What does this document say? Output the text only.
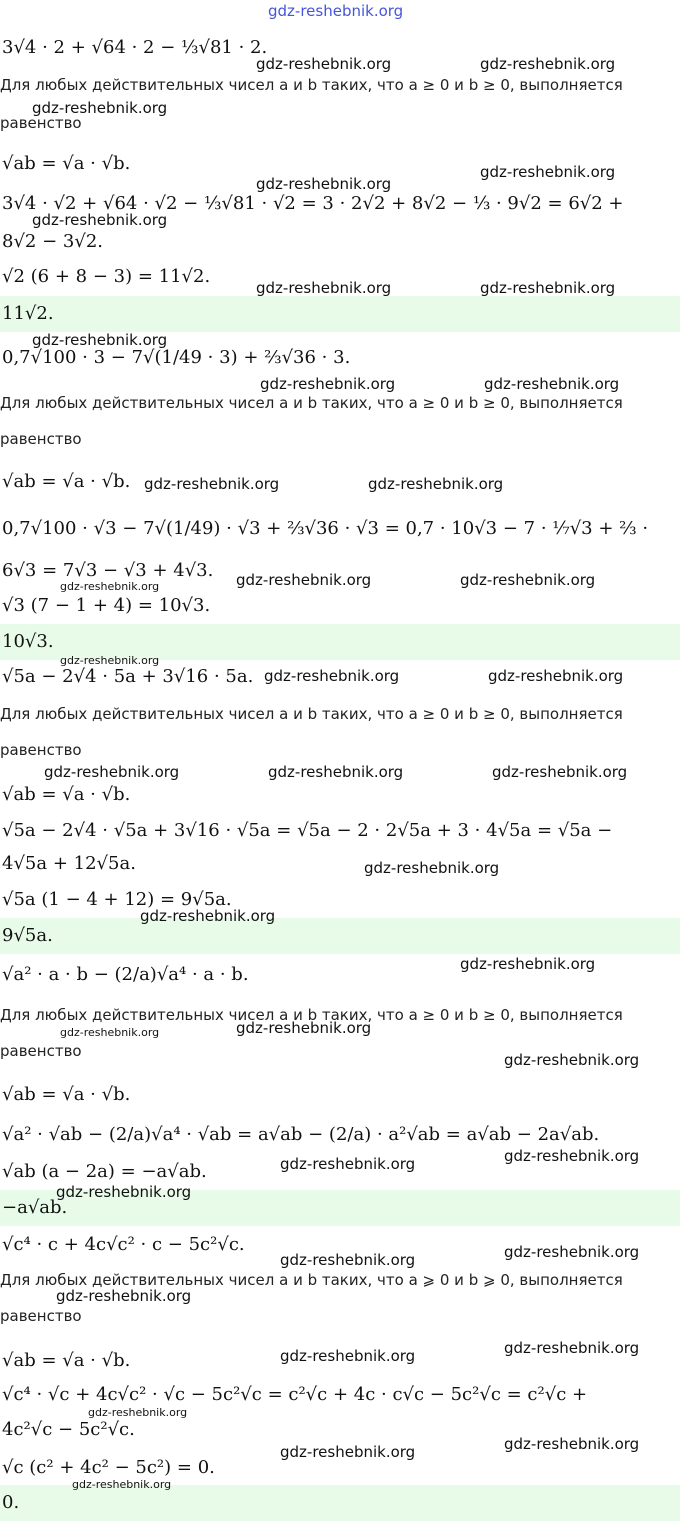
3√4 · 2 + √64 · 2 − ⅓√81 · 2.
Для любых действительных чисел a и b таких, что a ≥ 0 и b ≥ 0, выполняется
равенство
√ab = √a · √b.
3√4 · √2 + √64 · √2 − ⅓√81 · √2 = 3 · 2√2 + 8√2 − ⅓ · 9√2 = 6√2 +
8√2 − 3√2.
√2 (6 + 8 − 3) = 11√2.
11√2.
0,7√100 · 3 − 7√(1/49 · 3) + ⅔√36 · 3.
Для любых действительных чисел a и b таких, что a ≥ 0 и b ≥ 0, выполняется
равенство
√ab = √a · √b.
0,7√100 · √3 − 7√(1/49) · √3 + ⅔√36 · √3 = 0,7 · 10√3 − 7 · ⅐√3 + ⅔ ·
6√3 = 7√3 − √3 + 4√3.
√3 (7 − 1 + 4) = 10√3.
10√3.
√5a − 2√4 · 5a + 3√16 · 5a.
Для любых действительных чисел a и b таких, что a ≥ 0 и b ≥ 0, выполняется
равенство
√ab = √a · √b.
√5a − 2√4 · √5a + 3√16 · √5a = √5a − 2 · 2√5a + 3 · 4√5a = √5a −
4√5a + 12√5a.
√5a (1 − 4 + 12) = 9√5a.
9√5a.
√a² · a · b − (2/a)√a⁴ · a · b.
Для любых действительных чисел a и b таких, что a ≥ 0 и b ≥ 0, выполняется
равенство
√ab = √a · √b.
√a² · √ab − (2/a)√a⁴ · √ab = a√ab − (2/a) · a²√ab = a√ab − 2a√ab.
√ab (a − 2a) = −a√ab.
−a√ab.
√c⁴ · c + 4c√c² · c − 5c²√c.
Для любых действительных чисел a и b таких, что a ⩾ 0 и b ⩾ 0, выполняется
равенство
√ab = √a · √b.
√c⁴ · √c + 4c√c² · √c − 5c²√c = c²√c + 4c · c√c − 5c²√c = c²√c +
4c²√c − 5c²√c.
√c (c² + 4c² − 5c²) = 0.
0.
gdz-reshebnik.org
gdz-reshebnik.org	gdz-reshebnik.org
gdz-reshebnik.org
gdz-reshebnik.org
gdz-reshebnik.org
gdz-reshebnik.org
gdz-reshebnik.org	gdz-reshebnik.org
gdz-reshebnik.org
gdz-reshebnik.org	gdz-reshebnik.org
gdz-reshebnik.org	gdz-reshebnik.org
gdz-reshebnik.org	gdz-reshebnik.org	gdz-reshebnik.org
gdz-reshebnik.org
gdz-reshebnik.org	gdz-reshebnik.org
gdz-reshebnik.org	gdz-reshebnik.org	gdz-reshebnik.org
gdz-reshebnik.org
gdz-reshebnik.org
gdz-reshebnik.org
gdz-reshebnik.org	gdz-reshebnik.org
gdz-reshebnik.org
gdz-reshebnik.org	gdz-reshebnik.org
gdz-reshebnik.org
gdz-reshebnik.org	gdz-reshebnik.org
gdz-reshebnik.org
gdz-reshebnik.org	gdz-reshebnik.org
gdz-reshebnik.org
gdz-reshebnik.org	gdz-reshebnik.org
gdz-reshebnik.org
